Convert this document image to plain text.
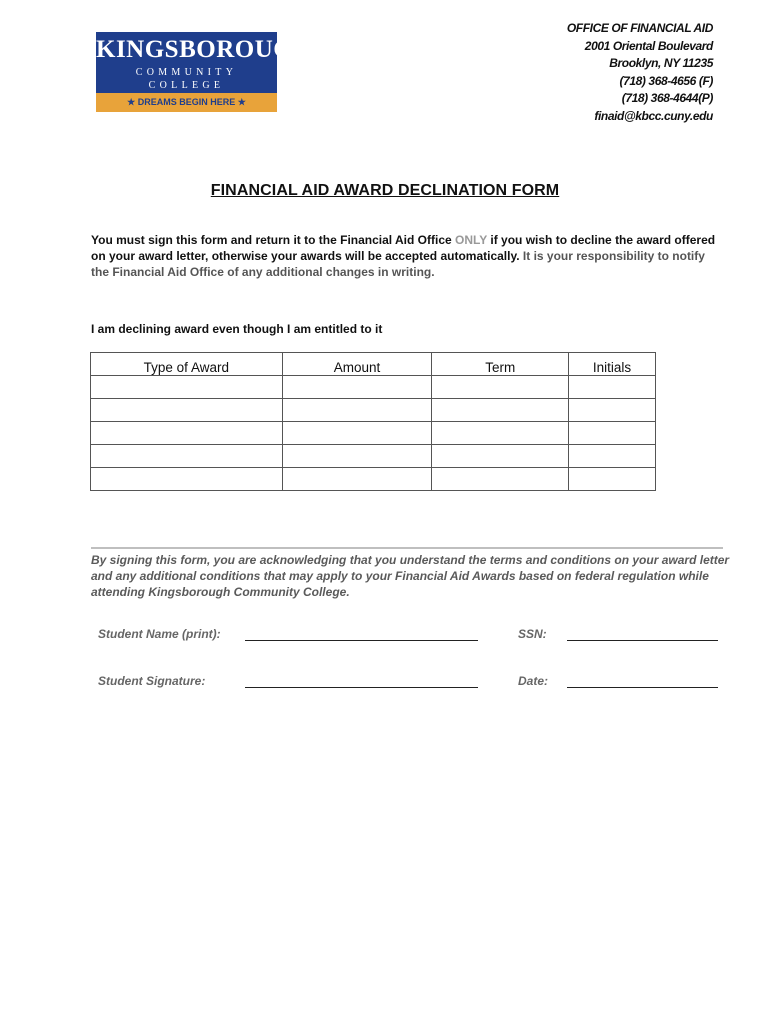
KINGSBOROUGH
COMMUNITY COLLEGE
★ DREAMS BEGIN HERE ★
OFFICE OF FINANCIAL AID
2001 Oriental Boulevard
Brooklyn, NY 11235
(718) 368-4656 (F)
(718) 368-4644(P)
finaid@kbcc.cuny.edu
FINANCIAL AID AWARD DECLINATION FORM
You must sign this form and return it to the Financial Aid Office ONLY if you wish to decline the award offered on your award letter, otherwise your awards will be accepted automatically. It is your responsibility to notify the Financial Aid Office of any additional changes in writing.
I am declining award even though I am entitled to it
Type of Award	Amount	Term	Initials

By signing this form, you are acknowledging that you understand the terms and conditions on your award letter and any additional conditions that may apply to your Financial Aid Awards based on federal regulation while attending Kingsborough Community College.
Student Name (print):	SSN:
Student Signature:	Date:
